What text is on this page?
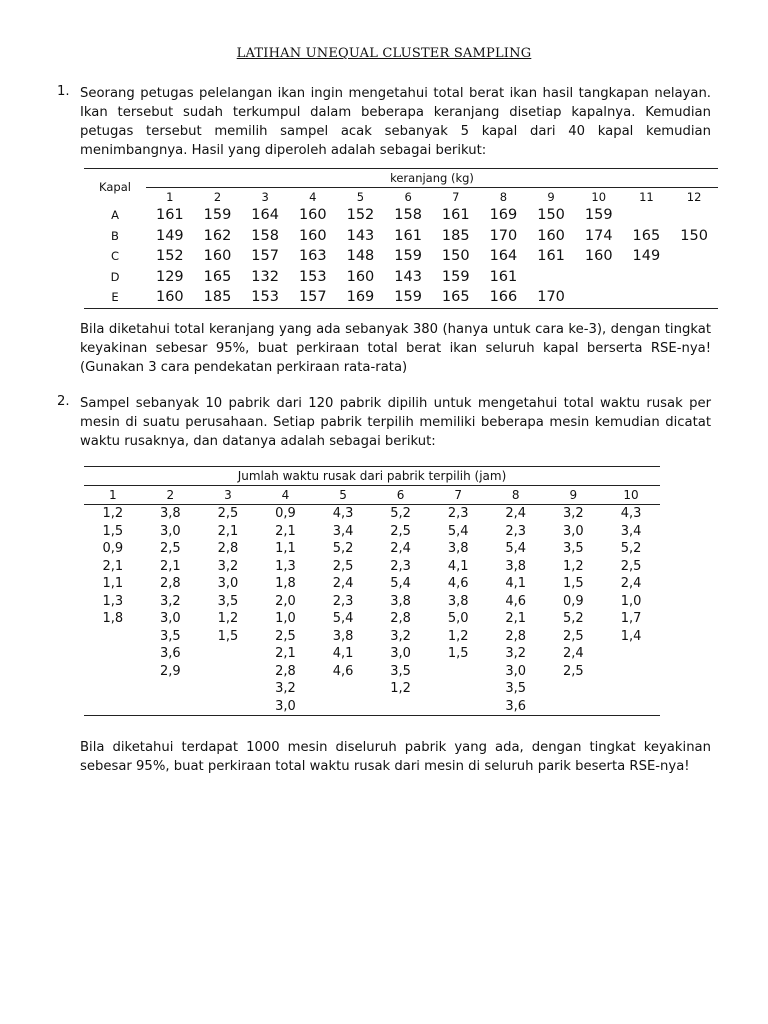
LATIHAN UNEQUAL CLUSTER SAMPLING
1. Seorang petugas pelelangan ikan ingin mengetahui total berat ikan hasil tangkapan nelayan. Ikan tersebut sudah terkumpul dalam beberapa keranjang disetiap kapalnya. Kemudian petugas tersebut memilih sampel acak sebanyak 5 kapal dari 40 kapal kemudian menimbangnya. Hasil yang diperoleh adalah sebagai berikut:
Kapal	keranjang (kg)											
	1	2	3	4	5	6	7	8	9	10	11	12
A	161	159	164	160	152	158	161	169	150	159		
B	149	162	158	160	143	161	185	170	160	174	165	150
C	152	160	157	163	148	159	150	164	161	160	149	
D	129	165	132	153	160	143	159	161				
E	160	185	153	157	169	159	165	166	170			
Bila diketahui total keranjang yang ada sebanyak 380 (hanya untuk cara ke-3), dengan tingkat keyakinan sebesar 95%, buat perkiraan total berat ikan seluruh kapal berserta RSE-nya! (Gunakan 3 cara pendekatan perkiraan rata-rata)
2. Sampel sebanyak 10 pabrik dari 120 pabrik dipilih untuk mengetahui total waktu rusak per mesin di suatu perusahaan. Setiap pabrik terpilih memiliki beberapa mesin kemudian dicatat waktu rusaknya, dan datanya adalah sebagai berikut:
Jumlah waktu rusak dari pabrik terpilih (jam)									
1	2	3	4	5	6	7	8	9	10
1,2	3,8	2,5	0,9	4,3	5,2	2,3	2,4	3,2	4,3
1,5	3,0	2,1	2,1	3,4	2,5	5,4	2,3	3,0	3,4
0,9	2,5	2,8	1,1	5,2	2,4	3,8	5,4	3,5	5,2
2,1	2,1	3,2	1,3	2,5	2,3	4,1	3,8	1,2	2,5
1,1	2,8	3,0	1,8	2,4	5,4	4,6	4,1	1,5	2,4
1,3	3,2	3,5	2,0	2,3	3,8	3,8	4,6	0,9	1,0
1,8	3,0	1,2	1,0	5,4	2,8	5,0	2,1	5,2	1,7
	3,5	1,5	2,5	3,8	3,2	1,2	2,8	2,5	1,4
	3,6		2,1	4,1	3,0	1,5	3,2	2,4	
	2,9		2,8	4,6	3,5		3,0	2,5	
			3,2		1,2		3,5		
			3,0				3,6		
Bila diketahui terdapat 1000 mesin diseluruh pabrik yang ada, dengan tingkat keyakinan sebesar 95%, buat perkiraan total waktu rusak dari mesin di seluruh parik beserta RSE-nya!
